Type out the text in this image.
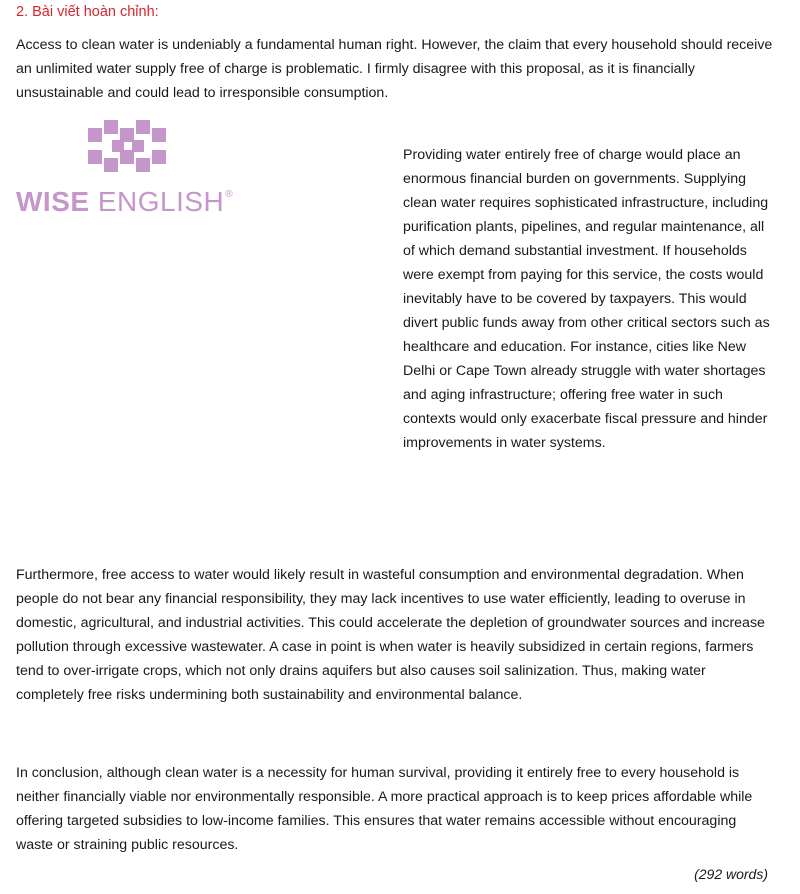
2. Bài viết hoàn chỉnh:

Access to clean water is undeniably a fundamental human right. However, the claim that every household should receive an unlimited water supply free of charge is problematic. I firmly disagree with this proposal, as it is financially unsustainable and could lead to irresponsible consumption.

WISE ENGLISH®

Providing water entirely free of charge would place an enormous financial burden on governments. Supplying clean water requires sophisticated infrastructure, including purification plants, pipelines, and regular maintenance, all of which demand substantial investment. If households were exempt from paying for this service, the costs would inevitably have to be covered by taxpayers. This would divert public funds away from other critical sectors such as healthcare and education. For instance, cities like New Delhi or Cape Town already struggle with water shortages and aging infrastructure; offering free water in such contexts would only exacerbate fiscal pressure and hinder improvements in water systems.

Furthermore, free access to water would likely result in wasteful consumption and environmental degradation. When people do not bear any financial responsibility, they may lack incentives to use water efficiently, leading to overuse in domestic, agricultural, and industrial activities. This could accelerate the depletion of groundwater sources and increase pollution through excessive wastewater. A case in point is when water is heavily subsidized in certain regions, farmers tend to over-irrigate crops, which not only drains aquifers but also causes soil salinization. Thus, making water completely free risks undermining both sustainability and environmental balance.

In conclusion, although clean water is a necessity for human survival, providing it entirely free to every household is neither financially viable nor environmentally responsible. A more practical approach is to keep prices affordable while offering targeted subsidies to low-income families. This ensures that water remains accessible without encouraging waste or straining public resources.

(292 words)
